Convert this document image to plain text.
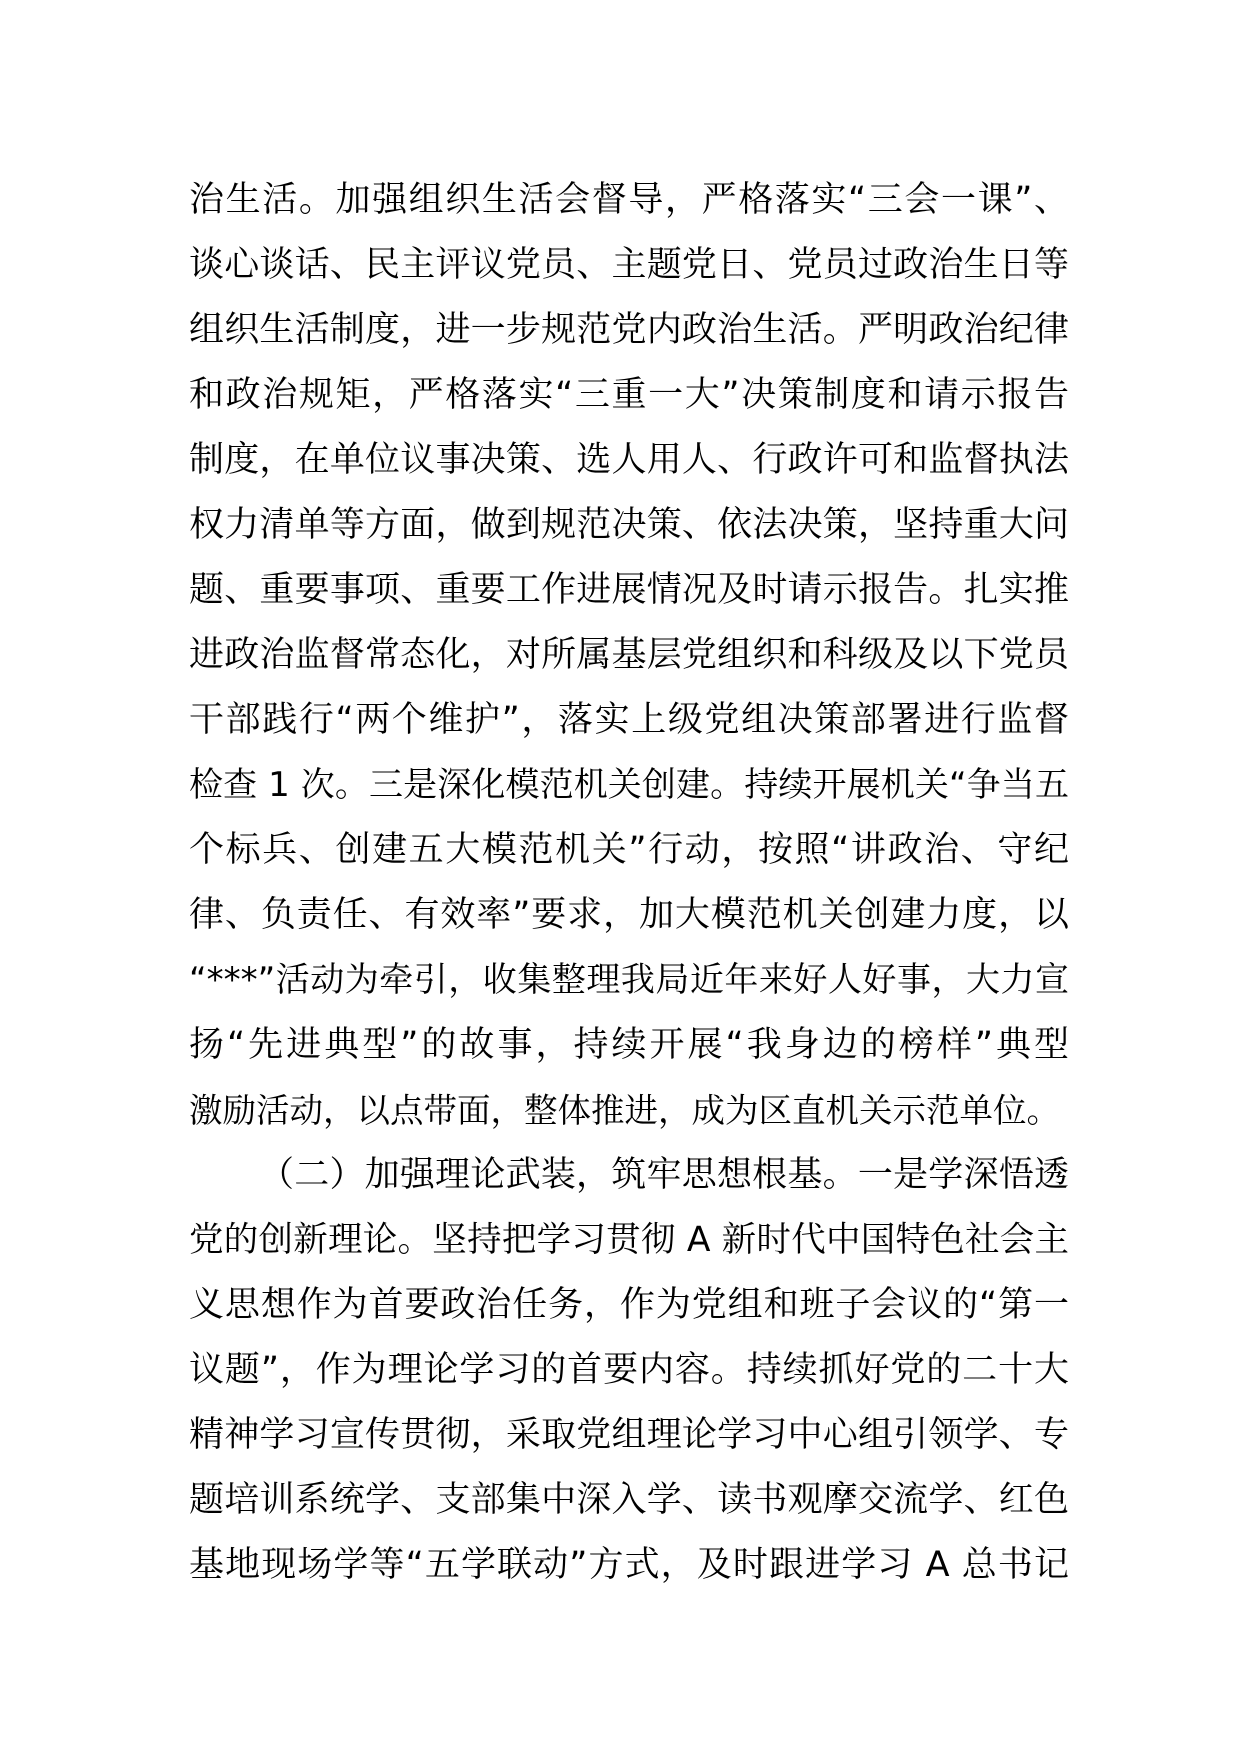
治生活。加强组织生活会督导，严格落实“三会一课”、
谈心谈话、民主评议党员、主题党日、党员过政治生日等
组织生活制度，进一步规范党内政治生活。严明政治纪律
和政治规矩，严格落实“三重一大”决策制度和请示报告
制度，在单位议事决策、选人用人、行政许可和监督执法
权力清单等方面，做到规范决策、依法决策，坚持重大问
题、重要事项、重要工作进展情况及时请示报告。扎实推
进政治监督常态化，对所属基层党组织和科级及以下党员
干部践行“两个维护”，落实上级党组决策部署进行监督
检查 1 次。三是深化模范机关创建。持续开展机关“争当五
个标兵、创建五大模范机关”行动，按照“讲政治、守纪
律、负责任、有效率”要求，加大模范机关创建力度，以
“***”活动为牵引，收集整理我局近年来好人好事，大力宣
扬“先进典型”的故事，持续开展“我身边的榜样”典型
激励活动，以点带面，整体推进，成为区直机关示范单位。
（二）加强理论武装，筑牢思想根基。一是学深悟透
党的创新理论。坚持把学习贯彻 A 新时代中国特色社会主
义思想作为首要政治任务，作为党组和班子会议的“第一
议题”，作为理论学习的首要内容。持续抓好党的二十大
精神学习宣传贯彻，采取党组理论学习中心组引领学、专
题培训系统学、支部集中深入学、读书观摩交流学、红色
基地现场学等“五学联动”方式，及时跟进学习 A 总书记
